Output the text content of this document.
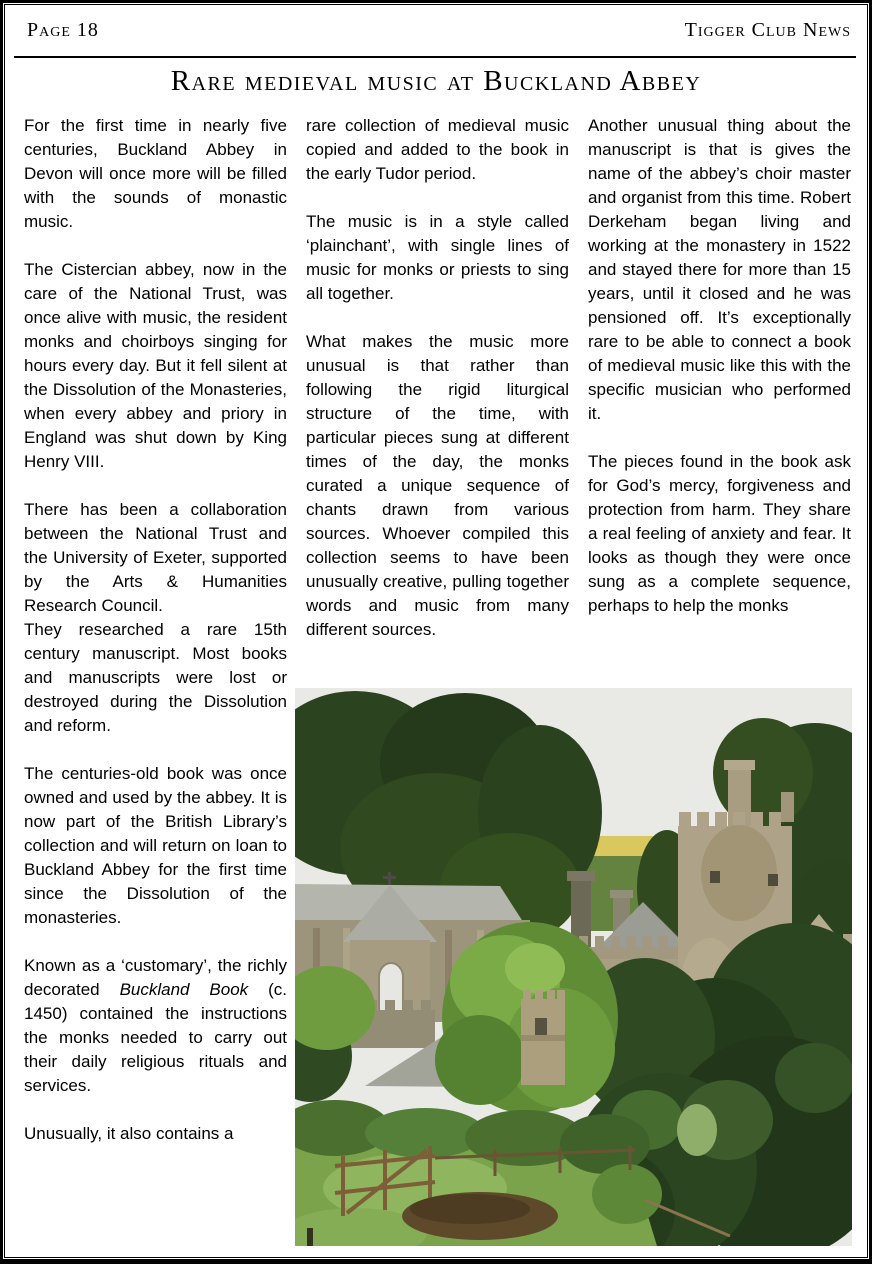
Page 18	Tigger Club News
Rare medieval music at Buckland Abbey

For the first time in nearly five centuries, Buckland Abbey in Devon will once more will be filled with the sounds of monastic music.

The Cistercian abbey, now in the care of the National Trust, was once alive with music, the resident monks and choirboys singing for hours every day. But it fell silent at the Dissolution of the Monasteries, when every abbey and priory in England was shut down by King Henry VIII.

There has been a collaboration between the National Trust and the University of Exeter, supported by the Arts & Humanities Research Council.

They researched a rare 15th century manuscript. Most books and manuscripts were lost or destroyed during the Dissolution and reform.

The centuries-old book was once owned and used by the abbey. It is now part of the British Library’s collection and will return on loan to Buckland Abbey for the first time since the Dissolution of the monasteries.

Known as a ‘customary’, the richly decorated Buckland Book (c. 1450) contained the instructions the monks needed to carry out their daily religious rituals and services.

Unusually, it also contains a

rare collection of medieval music copied and added to the book in the early Tudor period.

The music is in a style called ‘plainchant’, with single lines of music for monks or priests to sing all together.

What makes the music more unusual is that rather than following the rigid liturgical structure of the time, with particular pieces sung at different times of the day, the monks curated a unique sequence of chants drawn from various sources. Whoever compiled this collection seems to have been unusually creative, pulling together words and music from many different sources.

Another unusual thing about the manuscript is that is gives the name of the abbey’s choir master and organist from this time. Robert Derkeham began living and working at the monastery in 1522 and stayed there for more than 15 years, until it closed and he was pensioned off. It’s exceptionally rare to be able to connect a book of medieval music like this with the specific musician who performed it.

The pieces found in the book ask for God’s mercy, forgiveness and protection from harm. They share a real feeling of anxiety and fear. It looks as though they were once sung as a complete sequence, perhaps to help the monks
